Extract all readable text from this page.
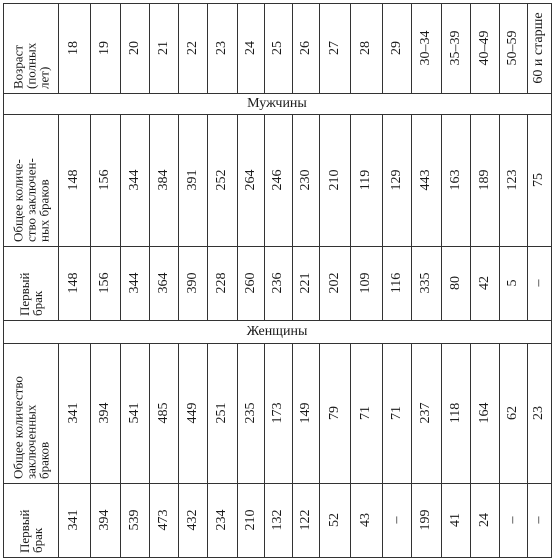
Возраст
(полных
лет)
18 19 20 21 22 23 24 25 26 27 28 29 30–34 35–39 40–49 50–59 60 и старше
Мужчины
Общее количе-
ство заключен-
ных браков 148 156 344 384 391 252 264 246 230 210 119 129 443 163 189 123 75
Первый
брак
148 156 344 364 390 228 260 236 221 202 109 116 335 80 42 5 –
Женщины
Общее количество
заключенных
браков
341 394 541 485 449 251 235 173 149 79 71 71 237 118 164 62 23
Первый
брак
341 394 539 473 432 234 210 132 122 52 43 – 199 41 24 – –
